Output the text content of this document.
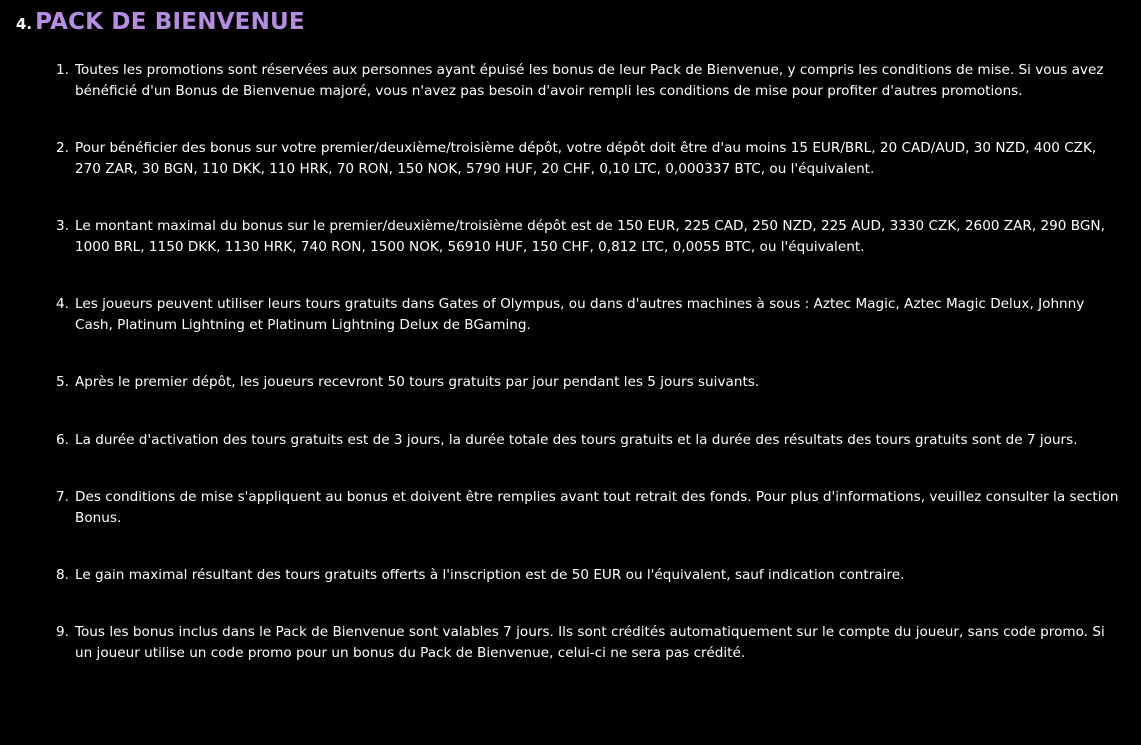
4. PACK DE BIENVENUE
1. Toutes les promotions sont réservées aux personnes ayant épuisé les bonus de leur Pack de Bienvenue, y compris les conditions de mise. Si vous avez bénéficié d'un Bonus de Bienvenue majoré, vous n'avez pas besoin d'avoir rempli les conditions de mise pour profiter d'autres promotions.
2. Pour bénéficier des bonus sur votre premier/deuxième/troisième dépôt, votre dépôt doit être d'au moins 15 EUR/BRL, 20 CAD/AUD, 30 NZD, 400 CZK, 270 ZAR, 30 BGN, 110 DKK, 110 HRK, 70 RON, 150 NOK, 5790 HUF, 20 CHF, 0,10 LTC, 0,000337 BTC, ou l'équivalent.
3. Le montant maximal du bonus sur le premier/deuxième/troisième dépôt est de 150 EUR, 225 CAD, 250 NZD, 225 AUD, 3330 CZK, 2600 ZAR, 290 BGN, 1000 BRL, 1150 DKK, 1130 HRK, 740 RON, 1500 NOK, 56910 HUF, 150 CHF, 0,812 LTC, 0,0055 BTC, ou l'équivalent.
4. Les joueurs peuvent utiliser leurs tours gratuits dans Gates of Olympus, ou dans d'autres machines à sous : Aztec Magic, Aztec Magic Delux, Johnny Cash, Platinum Lightning et Platinum Lightning Delux de BGaming.
5. Après le premier dépôt, les joueurs recevront 50 tours gratuits par jour pendant les 5 jours suivants.
6. La durée d'activation des tours gratuits est de 3 jours, la durée totale des tours gratuits et la durée des résultats des tours gratuits sont de 7 jours.
7. Des conditions de mise s'appliquent au bonus et doivent être remplies avant tout retrait des fonds. Pour plus d'informations, veuillez consulter la section Bonus.
8. Le gain maximal résultant des tours gratuits offerts à l'inscription est de 50 EUR ou l'équivalent, sauf indication contraire.
9. Tous les bonus inclus dans le Pack de Bienvenue sont valables 7 jours. Ils sont crédités automatiquement sur le compte du joueur, sans code promo. Si un joueur utilise un code promo pour un bonus du Pack de Bienvenue, celui-ci ne sera pas crédité.
